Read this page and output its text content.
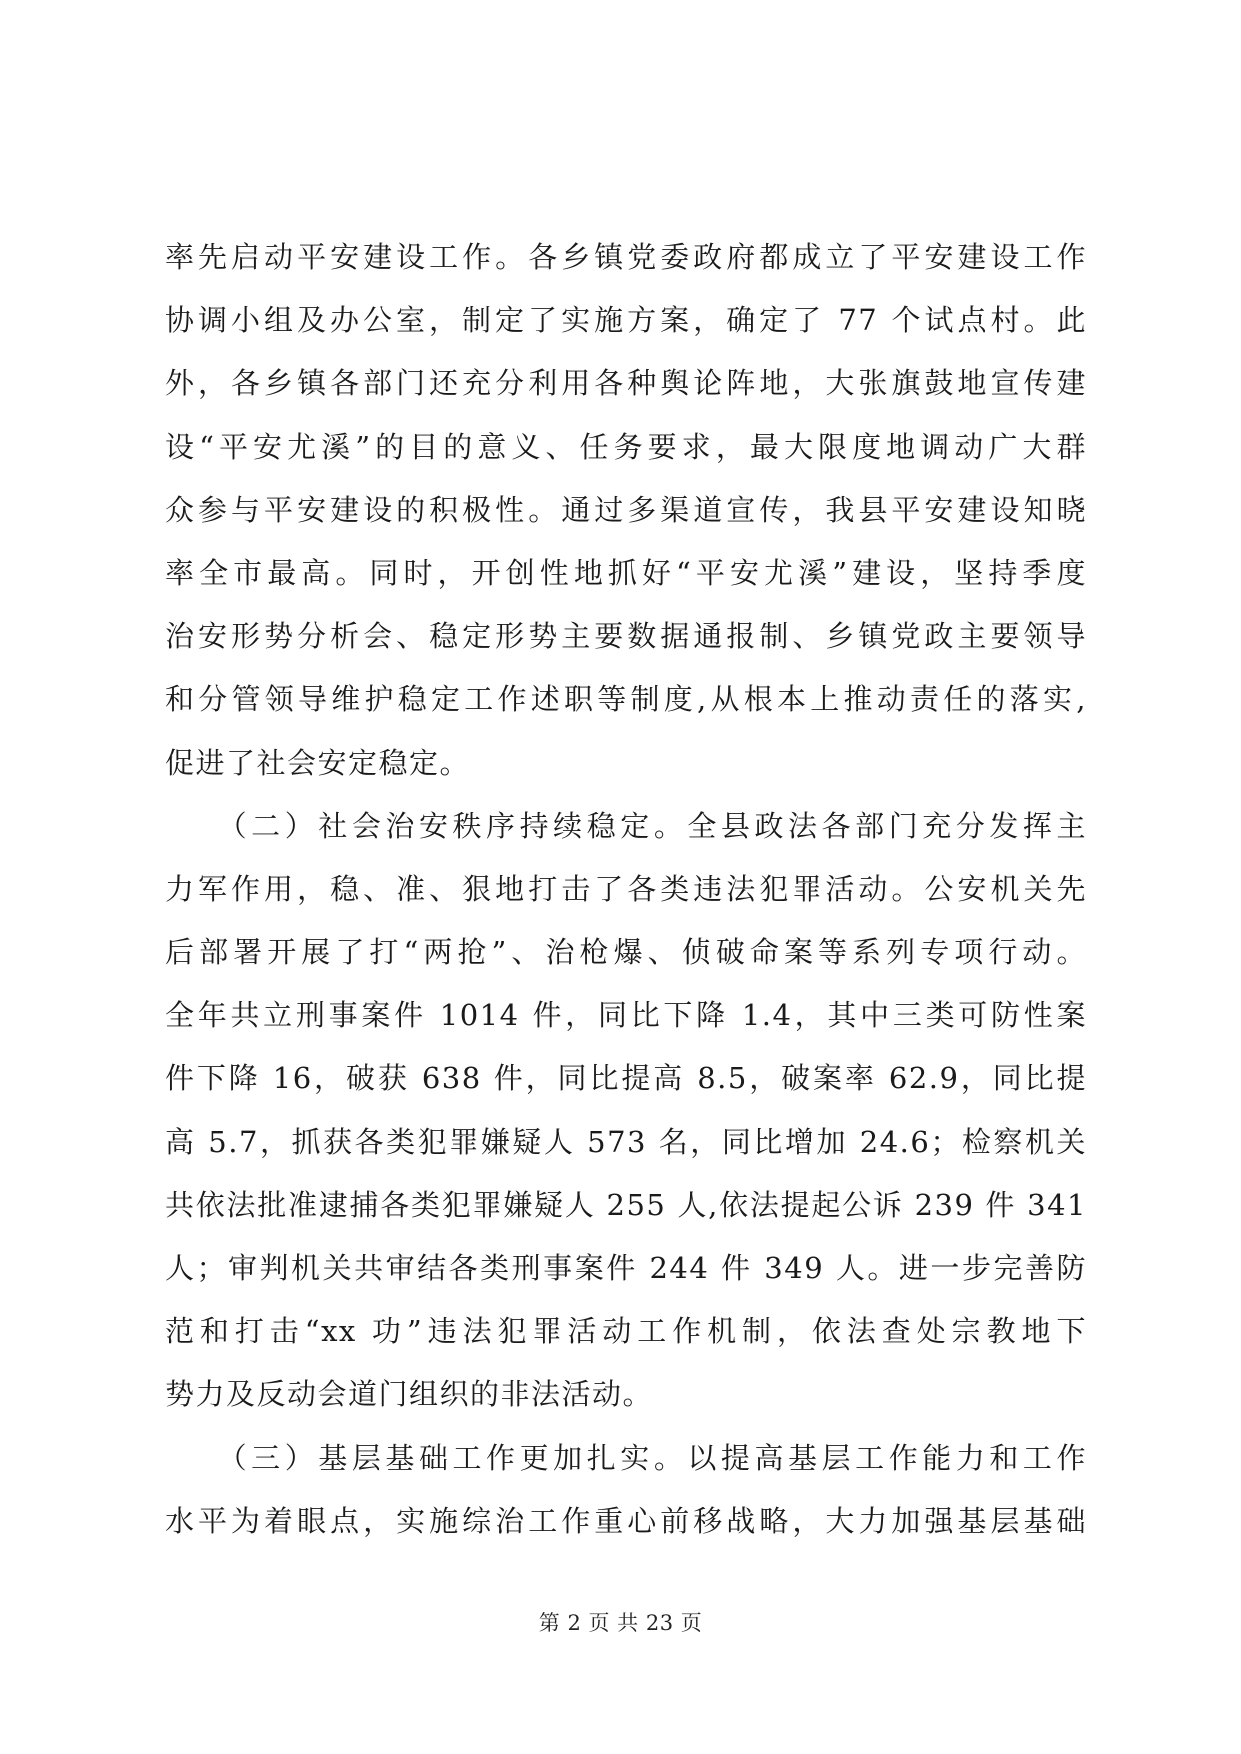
率先启动平安建设工作。各乡镇党委政府都成立了平安建设工作
协调小组及办公室，制定了实施方案，确定了 77 个试点村。此
外，各乡镇各部门还充分利用各种舆论阵地，大张旗鼓地宣传建
设“平安尤溪”的目的意义、任务要求，最大限度地调动广大群
众参与平安建设的积极性。通过多渠道宣传，我县平安建设知晓
率全市最高。同时，开创性地抓好“平安尤溪”建设，坚持季度
治安形势分析会、稳定形势主要数据通报制、乡镇党政主要领导
和分管领导维护稳定工作述职等制度,从根本上推动责任的落实,
促进了社会安定稳定。
　　（二）社会治安秩序持续稳定。全县政法各部门充分发挥主
力军作用，稳、准、狠地打击了各类违法犯罪活动。公安机关先
后部署开展了打“两抢”、治枪爆、侦破命案等系列专项行动。
全年共立刑事案件 1014 件，同比下降 1.4，其中三类可防性案
件下降 16，破获 638 件，同比提高 8.5，破案率 62.9，同比提
高 5.7，抓获各类犯罪嫌疑人 573 名，同比增加 24.6；检察机关
共依法批准逮捕各类犯罪嫌疑人 255 人,依法提起公诉 239 件 341
人；审判机关共审结各类刑事案件 244 件 349 人。进一步完善防
范和打击“xx 功”违法犯罪活动工作机制，依法查处宗教地下
势力及反动会道门组织的非法活动。
　　（三）基层基础工作更加扎实。以提高基层工作能力和工作
水平为着眼点，实施综治工作重心前移战略，大力加强基层基础
第 2 页 共 23 页
